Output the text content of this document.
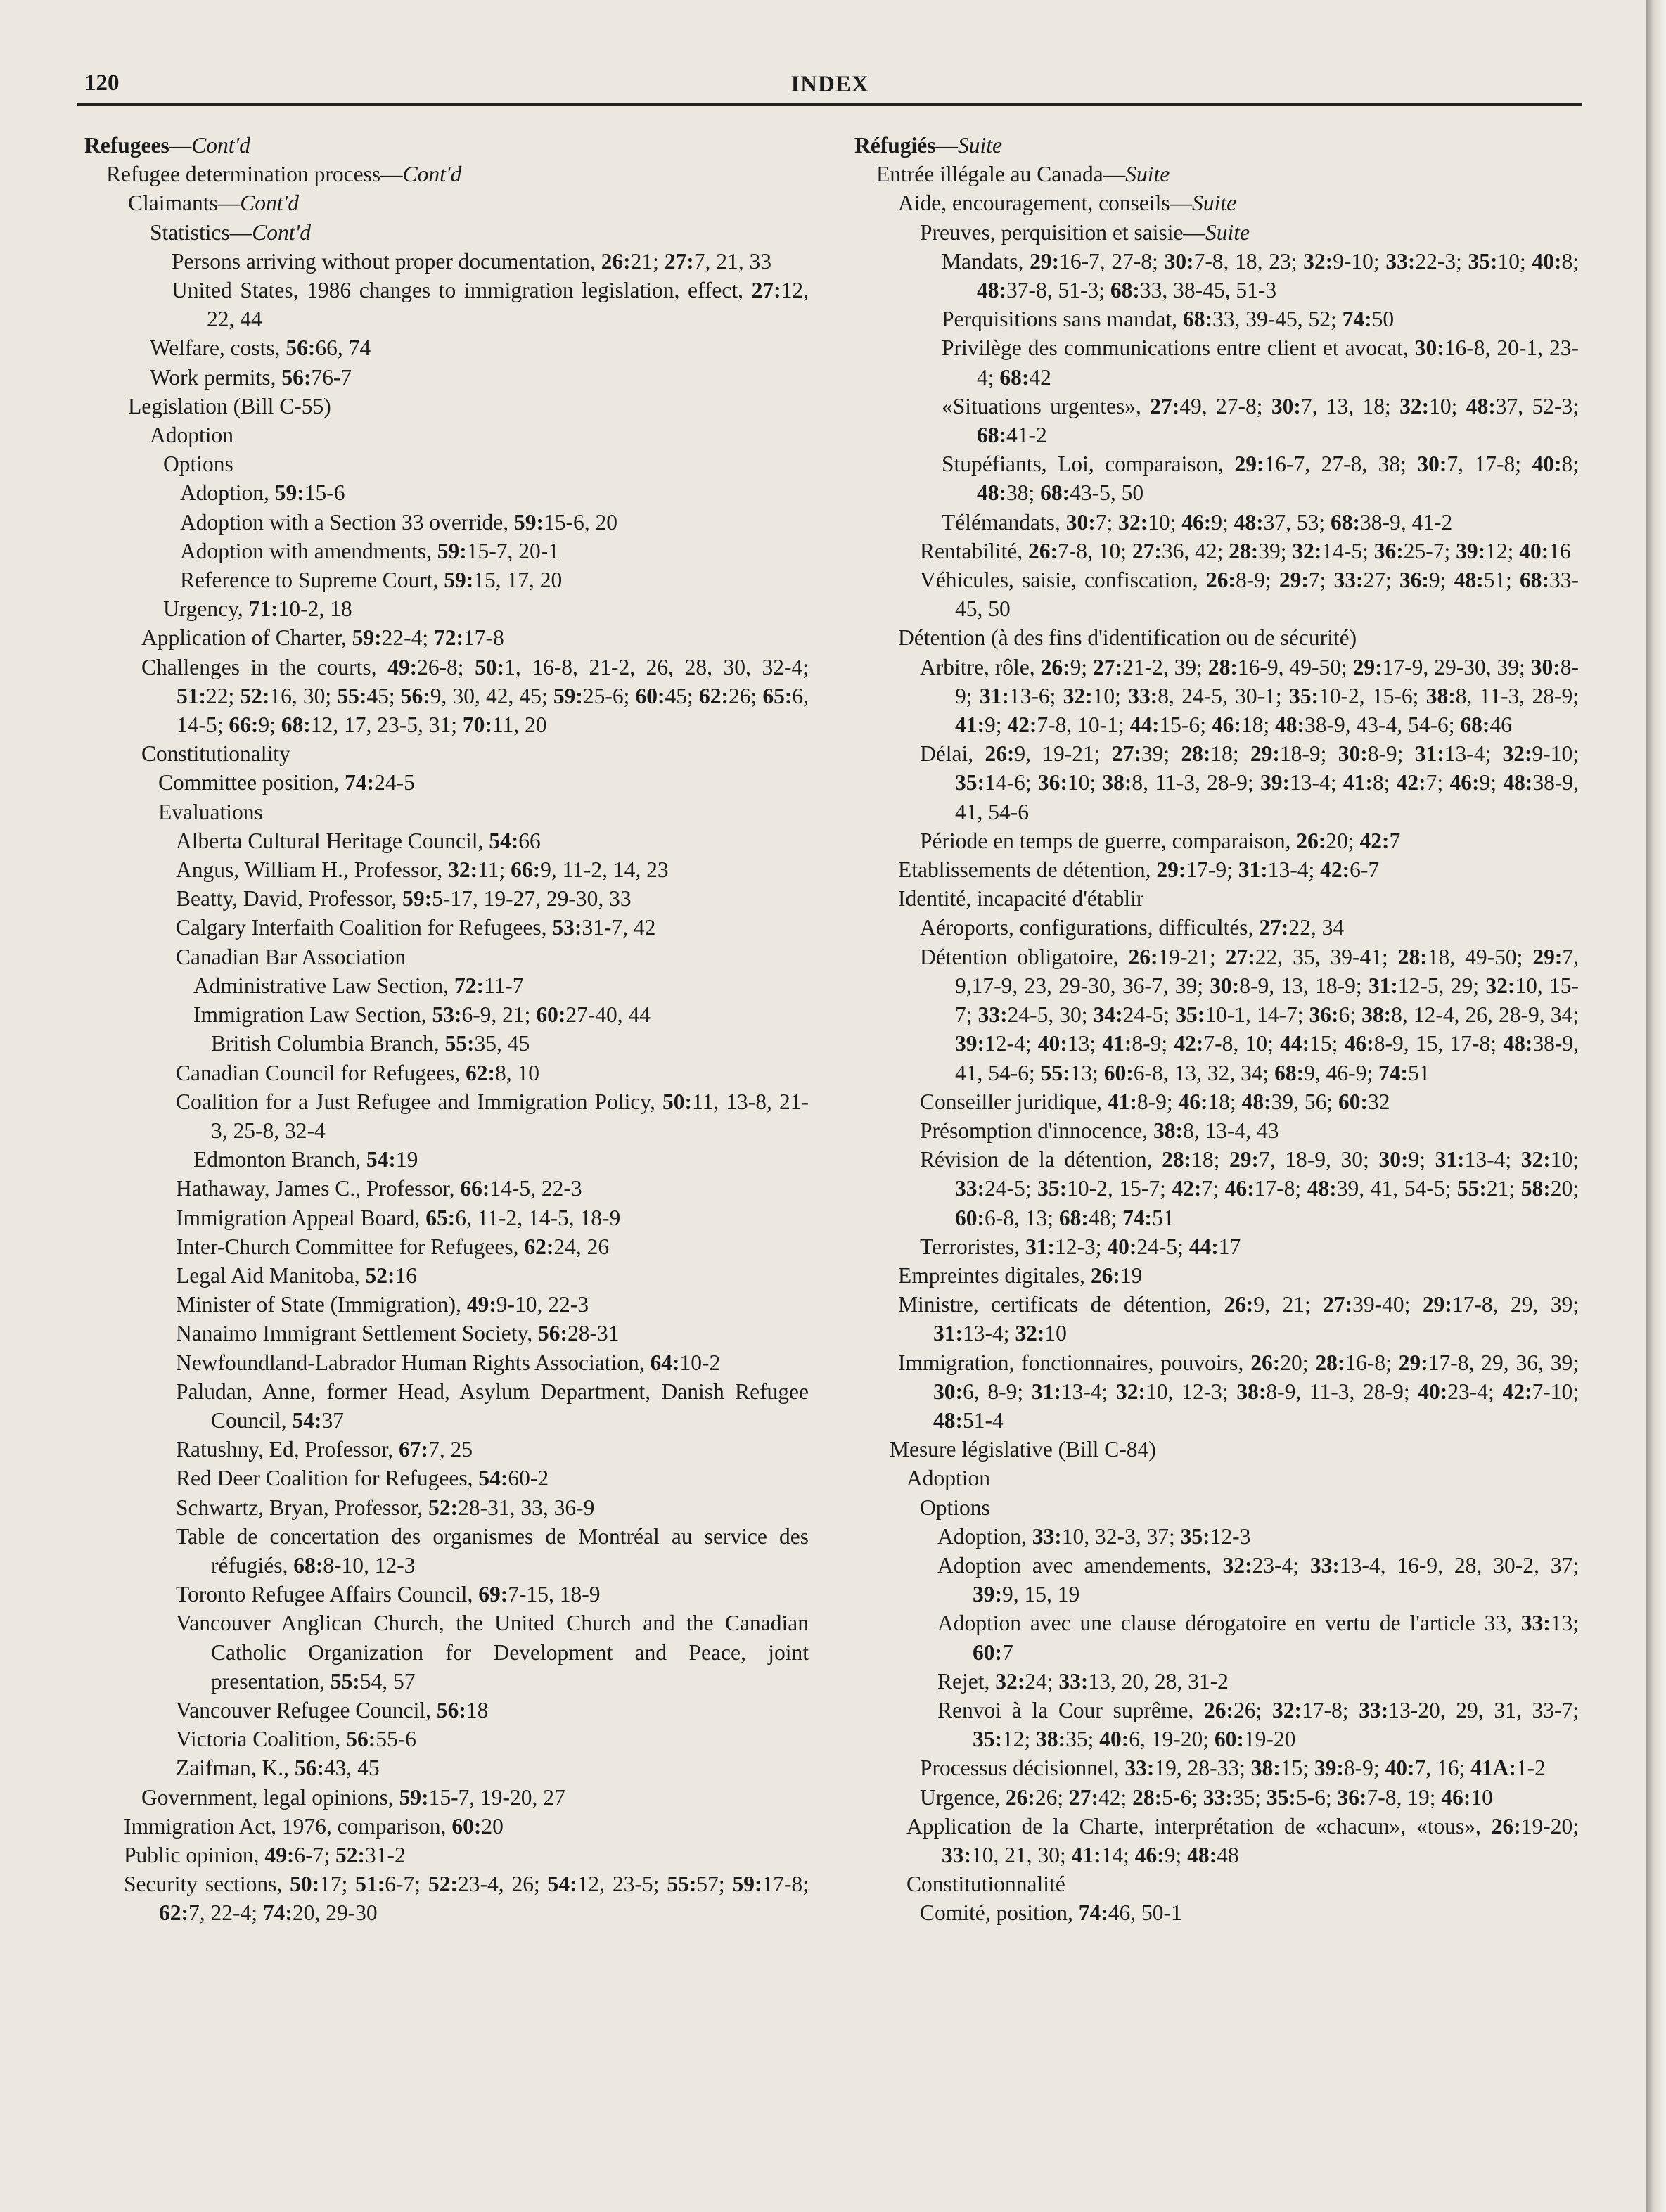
120	INDEX
Refugees—Cont'd
Refugee determination process—Cont'd
Claimants—Cont'd
Statistics—Cont'd
Persons arriving without proper documentation, 26:21; 27:7, 21, 33
United States, 1986 changes to immigration legislation, effect, 27:12, 22, 44
Welfare, costs, 56:66, 74
Work permits, 56:76-7
Legislation (Bill C-55)
Adoption
Options
Adoption, 59:15-6
Adoption with a Section 33 override, 59:15-6, 20
Adoption with amendments, 59:15-7, 20-1
Reference to Supreme Court, 59:15, 17, 20
Urgency, 71:10-2, 18
Application of Charter, 59:22-4; 72:17-8
Challenges in the courts, 49:26-8; 50:1, 16-8, 21-2, 26, 28, 30, 32-4; 51:22; 52:16, 30; 55:45; 56:9, 30, 42, 45; 59:25-6; 60:45; 62:26; 65:6, 14-5; 66:9; 68:12, 17, 23-5, 31; 70:11, 20
Constitutionality
Committee position, 74:24-5
Evaluations
Alberta Cultural Heritage Council, 54:66
Angus, William H., Professor, 32:11; 66:9, 11-2, 14, 23
Beatty, David, Professor, 59:5-17, 19-27, 29-30, 33
Calgary Interfaith Coalition for Refugees, 53:31-7, 42
Canadian Bar Association
Administrative Law Section, 72:11-7
Immigration Law Section, 53:6-9, 21; 60:27-40, 44
British Columbia Branch, 55:35, 45
Canadian Council for Refugees, 62:8, 10
Coalition for a Just Refugee and Immigration Policy, 50:11, 13-8, 21-3, 25-8, 32-4
Edmonton Branch, 54:19
Hathaway, James C., Professor, 66:14-5, 22-3
Immigration Appeal Board, 65:6, 11-2, 14-5, 18-9
Inter-Church Committee for Refugees, 62:24, 26
Legal Aid Manitoba, 52:16
Minister of State (Immigration), 49:9-10, 22-3
Nanaimo Immigrant Settlement Society, 56:28-31
Newfoundland-Labrador Human Rights Association, 64:10-2
Paludan, Anne, former Head, Asylum Department, Danish Refugee Council, 54:37
Ratushny, Ed, Professor, 67:7, 25
Red Deer Coalition for Refugees, 54:60-2
Schwartz, Bryan, Professor, 52:28-31, 33, 36-9
Table de concertation des organismes de Montréal au service des réfugiés, 68:8-10, 12-3
Toronto Refugee Affairs Council, 69:7-15, 18-9
Vancouver Anglican Church, the United Church and the Canadian Catholic Organization for Development and Peace, joint presentation, 55:54, 57
Vancouver Refugee Council, 56:18
Victoria Coalition, 56:55-6
Zaifman, K., 56:43, 45
Government, legal opinions, 59:15-7, 19-20, 27
Immigration Act, 1976, comparison, 60:20
Public opinion, 49:6-7; 52:31-2
Security sections, 50:17; 51:6-7; 52:23-4, 26; 54:12, 23-5; 55:57; 59:17-8; 62:7, 22-4; 74:20, 29-30
Réfugiés—Suite
Entrée illégale au Canada—Suite
Aide, encouragement, conseils—Suite
Preuves, perquisition et saisie—Suite
Mandats, 29:16-7, 27-8; 30:7-8, 18, 23; 32:9-10; 33:22-3; 35:10; 40:8; 48:37-8, 51-3; 68:33, 38-45, 51-3
Perquisitions sans mandat, 68:33, 39-45, 52; 74:50
Privilège des communications entre client et avocat, 30:16-8, 20-1, 23-4; 68:42
«Situations urgentes», 27:49, 27-8; 30:7, 13, 18; 32:10; 48:37, 52-3; 68:41-2
Stupéfiants, Loi, comparaison, 29:16-7, 27-8, 38; 30:7, 17-8; 40:8; 48:38; 68:43-5, 50
Télémandats, 30:7; 32:10; 46:9; 48:37, 53; 68:38-9, 41-2
Rentabilité, 26:7-8, 10; 27:36, 42; 28:39; 32:14-5; 36:25-7; 39:12; 40:16
Véhicules, saisie, confiscation, 26:8-9; 29:7; 33:27; 36:9; 48:51; 68:33-45, 50
Détention (à des fins d'identification ou de sécurité)
Arbitre, rôle, 26:9; 27:21-2, 39; 28:16-9, 49-50; 29:17-9, 29-30, 39; 30:8-9; 31:13-6; 32:10; 33:8, 24-5, 30-1; 35:10-2, 15-6; 38:8, 11-3, 28-9; 41:9; 42:7-8, 10-1; 44:15-6; 46:18; 48:38-9, 43-4, 54-6; 68:46
Délai, 26:9, 19-21; 27:39; 28:18; 29:18-9; 30:8-9; 31:13-4; 32:9-10; 35:14-6; 36:10; 38:8, 11-3, 28-9; 39:13-4; 41:8; 42:7; 46:9; 48:38-9, 41, 54-6
Période en temps de guerre, comparaison, 26:20; 42:7
Etablissements de détention, 29:17-9; 31:13-4; 42:6-7
Identité, incapacité d'établir
Aéroports, configurations, difficultés, 27:22, 34
Détention obligatoire, 26:19-21; 27:22, 35, 39-41; 28:18, 49-50; 29:7, 9,17-9, 23, 29-30, 36-7, 39; 30:8-9, 13, 18-9; 31:12-5, 29; 32:10, 15-7; 33:24-5, 30; 34:24-5; 35:10-1, 14-7; 36:6; 38:8, 12-4, 26, 28-9, 34; 39:12-4; 40:13; 41:8-9; 42:7-8, 10; 44:15; 46:8-9, 15, 17-8; 48:38-9, 41, 54-6; 55:13; 60:6-8, 13, 32, 34; 68:9, 46-9; 74:51
Conseiller juridique, 41:8-9; 46:18; 48:39, 56; 60:32
Présomption d'innocence, 38:8, 13-4, 43
Révision de la détention, 28:18; 29:7, 18-9, 30; 30:9; 31:13-4; 32:10; 33:24-5; 35:10-2, 15-7; 42:7; 46:17-8; 48:39, 41, 54-5; 55:21; 58:20; 60:6-8, 13; 68:48; 74:51
Terroristes, 31:12-3; 40:24-5; 44:17
Empreintes digitales, 26:19
Ministre, certificats de détention, 26:9, 21; 27:39-40; 29:17-8, 29, 39; 31:13-4; 32:10
Immigration, fonctionnaires, pouvoirs, 26:20; 28:16-8; 29:17-8, 29, 36, 39; 30:6, 8-9; 31:13-4; 32:10, 12-3; 38:8-9, 11-3, 28-9; 40:23-4; 42:7-10; 48:51-4
Mesure législative (Bill C-84)
Adoption
Options
Adoption, 33:10, 32-3, 37; 35:12-3
Adoption avec amendements, 32:23-4; 33:13-4, 16-9, 28, 30-2, 37; 39:9, 15, 19
Adoption avec une clause dérogatoire en vertu de l'article 33, 33:13; 60:7
Rejet, 32:24; 33:13, 20, 28, 31-2
Renvoi à la Cour suprême, 26:26; 32:17-8; 33:13-20, 29, 31, 33-7; 35:12; 38:35; 40:6, 19-20; 60:19-20
Processus décisionnel, 33:19, 28-33; 38:15; 39:8-9; 40:7, 16; 41A:1-2
Urgence, 26:26; 27:42; 28:5-6; 33:35; 35:5-6; 36:7-8, 19; 46:10
Application de la Charte, interprétation de «chacun», «tous», 26:19-20; 33:10, 21, 30; 41:14; 46:9; 48:48
Constitutionnalité
Comité, position, 74:46, 50-1
